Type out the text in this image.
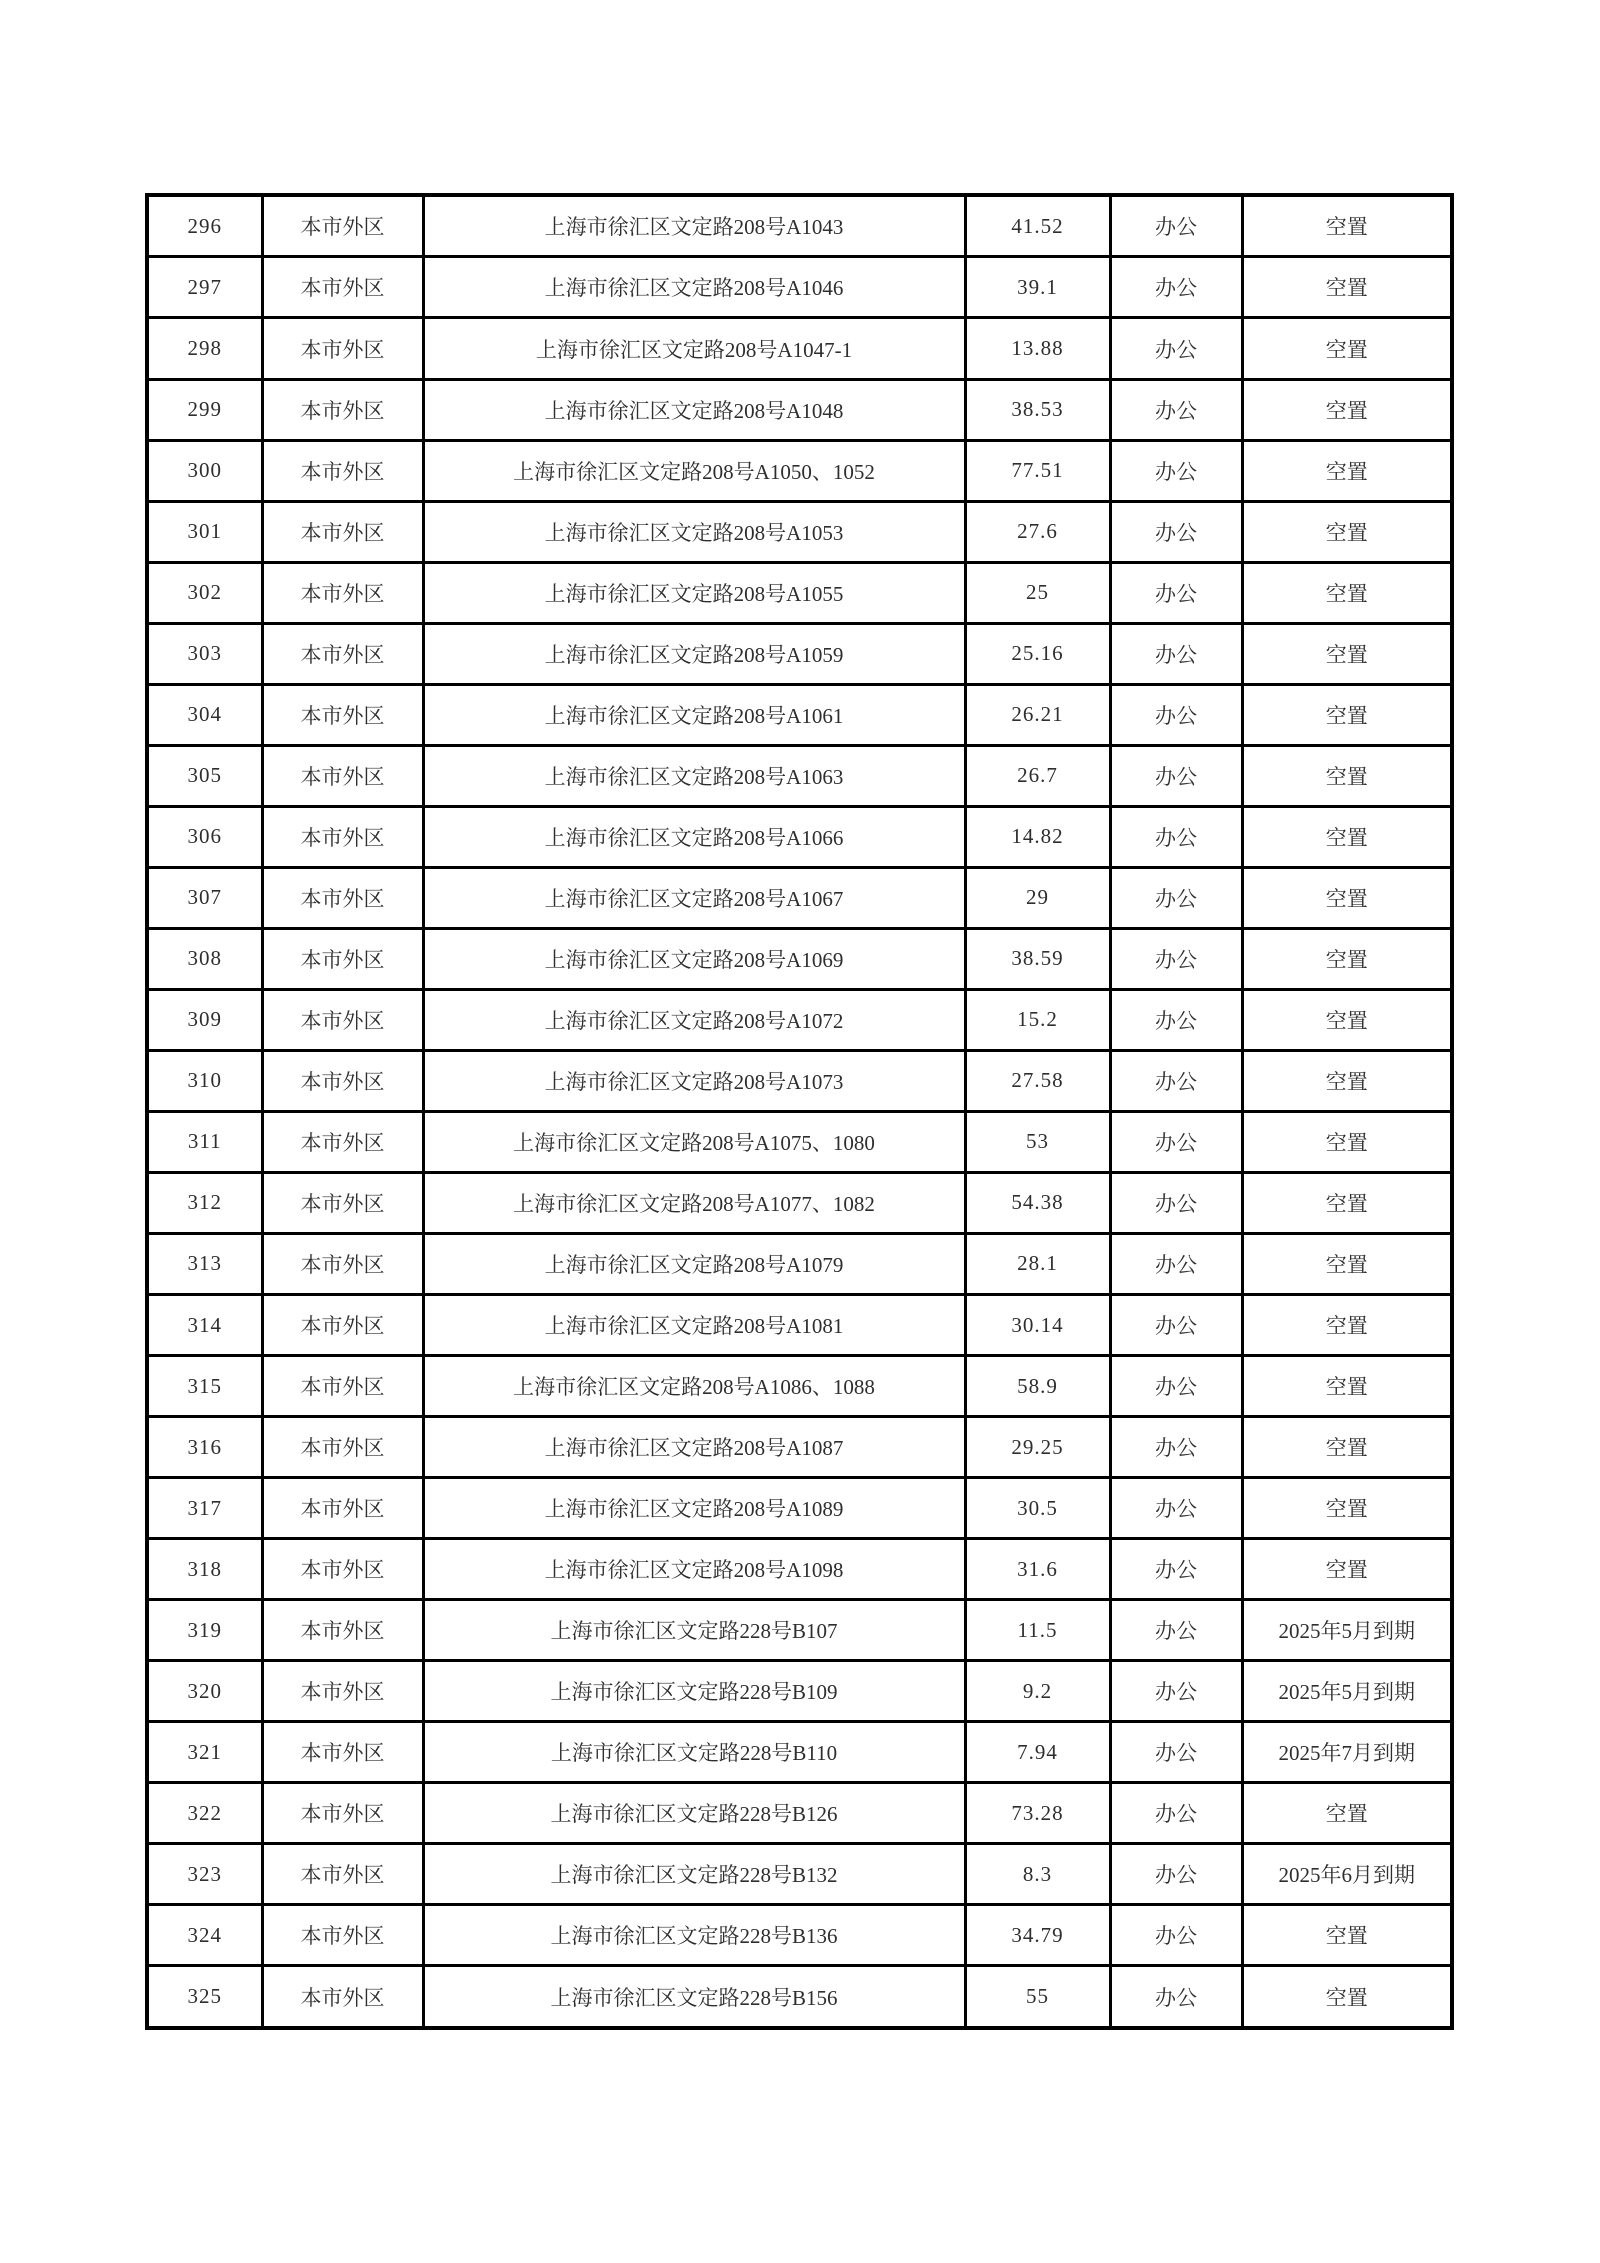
296	本市外区	上海市徐汇区文定路208号A1043	41.52	办公	空置
297	本市外区	上海市徐汇区文定路208号A1046	39.1	办公	空置
298	本市外区	上海市徐汇区文定路208号A1047-1	13.88	办公	空置
299	本市外区	上海市徐汇区文定路208号A1048	38.53	办公	空置
300	本市外区	上海市徐汇区文定路208号A1050、1052	77.51	办公	空置
301	本市外区	上海市徐汇区文定路208号A1053	27.6	办公	空置
302	本市外区	上海市徐汇区文定路208号A1055	25	办公	空置
303	本市外区	上海市徐汇区文定路208号A1059	25.16	办公	空置
304	本市外区	上海市徐汇区文定路208号A1061	26.21	办公	空置
305	本市外区	上海市徐汇区文定路208号A1063	26.7	办公	空置
306	本市外区	上海市徐汇区文定路208号A1066	14.82	办公	空置
307	本市外区	上海市徐汇区文定路208号A1067	29	办公	空置
308	本市外区	上海市徐汇区文定路208号A1069	38.59	办公	空置
309	本市外区	上海市徐汇区文定路208号A1072	15.2	办公	空置
310	本市外区	上海市徐汇区文定路208号A1073	27.58	办公	空置
311	本市外区	上海市徐汇区文定路208号A1075、1080	53	办公	空置
312	本市外区	上海市徐汇区文定路208号A1077、1082	54.38	办公	空置
313	本市外区	上海市徐汇区文定路208号A1079	28.1	办公	空置
314	本市外区	上海市徐汇区文定路208号A1081	30.14	办公	空置
315	本市外区	上海市徐汇区文定路208号A1086、1088	58.9	办公	空置
316	本市外区	上海市徐汇区文定路208号A1087	29.25	办公	空置
317	本市外区	上海市徐汇区文定路208号A1089	30.5	办公	空置
318	本市外区	上海市徐汇区文定路208号A1098	31.6	办公	空置
319	本市外区	上海市徐汇区文定路228号B107	11.5	办公	2025年5月到期
320	本市外区	上海市徐汇区文定路228号B109	9.2	办公	2025年5月到期
321	本市外区	上海市徐汇区文定路228号B110	7.94	办公	2025年7月到期
322	本市外区	上海市徐汇区文定路228号B126	73.28	办公	空置
323	本市外区	上海市徐汇区文定路228号B132	8.3	办公	2025年6月到期
324	本市外区	上海市徐汇区文定路228号B136	34.79	办公	空置
325	本市外区	上海市徐汇区文定路228号B156	55	办公	空置
